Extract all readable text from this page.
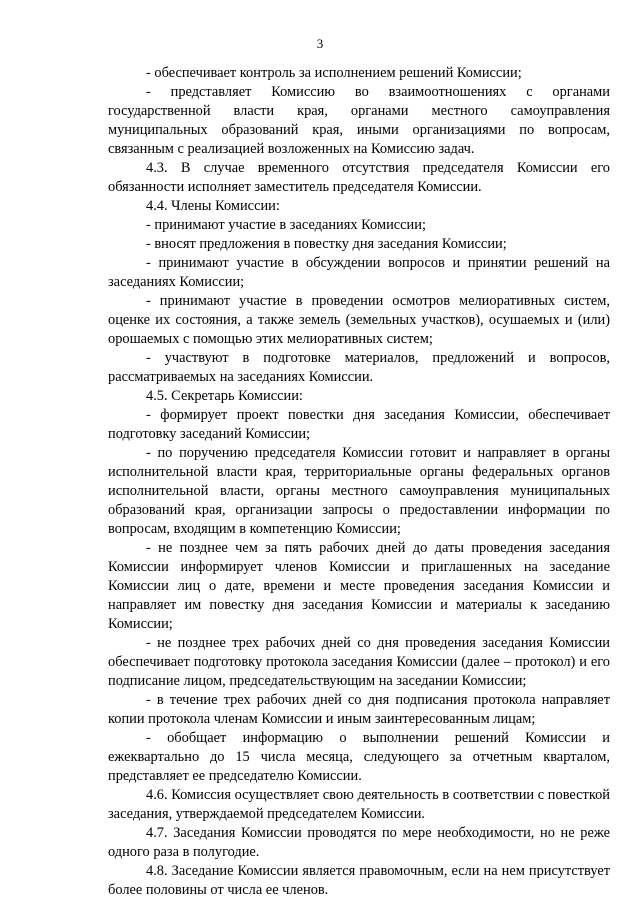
3

- обеспечивает контроль за исполнением решений Комиссии;

- представляет Комиссию во взаимоотношениях с органами государственной власти края, органами местного самоуправления муниципальных образований края, иными организациями по вопросам, связанным с реализацией возложенных на Комиссию задач.

4.3. В случае временного отсутствия председателя Комиссии его обязанности исполняет заместитель председателя Комиссии.

4.4. Члены Комиссии:

- принимают участие в заседаниях Комиссии;

- вносят предложения в повестку дня заседания Комиссии;

- принимают участие в обсуждении вопросов и принятии решений на заседаниях Комиссии;

- принимают участие в проведении осмотров мелиоративных систем, оценке их состояния, а также земель (земельных участков), осушаемых и (или) орошаемых с помощью этих мелиоративных систем;

- участвуют в подготовке материалов, предложений и вопросов, рассматриваемых на заседаниях Комиссии.

4.5. Секретарь Комиссии:

- формирует проект повестки дня заседания Комиссии, обеспечивает подготовку заседаний Комиссии;

- по поручению председателя Комиссии готовит и направляет в органы исполнительной власти края, территориальные органы федеральных органов исполнительной власти, органы местного самоуправления муниципальных образований края, организации запросы о предоставлении информации по вопросам, входящим в компетенцию Комиссии;

- не позднее чем за пять рабочих дней до даты проведения заседания Комиссии информирует членов Комиссии и приглашенных на заседание Комиссии лиц о дате, времени и месте проведения заседания Комиссии и направляет им повестку дня заседания Комиссии и материалы к заседанию Комиссии;

- не позднее трех рабочих дней со дня проведения заседания Комиссии обеспечивает подготовку протокола заседания Комиссии (далее – протокол) и его подписание лицом, председательствующим на заседании Комиссии;

- в течение трех рабочих дней со дня подписания протокола направляет копии протокола членам Комиссии и иным заинтересованным лицам;

- обобщает информацию о выполнении решений Комиссии и ежеквартально до 15 числа месяца, следующего за отчетным кварталом, представляет ее председателю Комиссии.

4.6. Комиссия осуществляет свою деятельность в соответствии с повесткой заседания, утверждаемой председателем Комиссии.

4.7. Заседания Комиссии проводятся по мере необходимости, но не реже одного раза в полугодие.

4.8. Заседание Комиссии является правомочным, если на нем присутствует более половины от числа ее членов.
